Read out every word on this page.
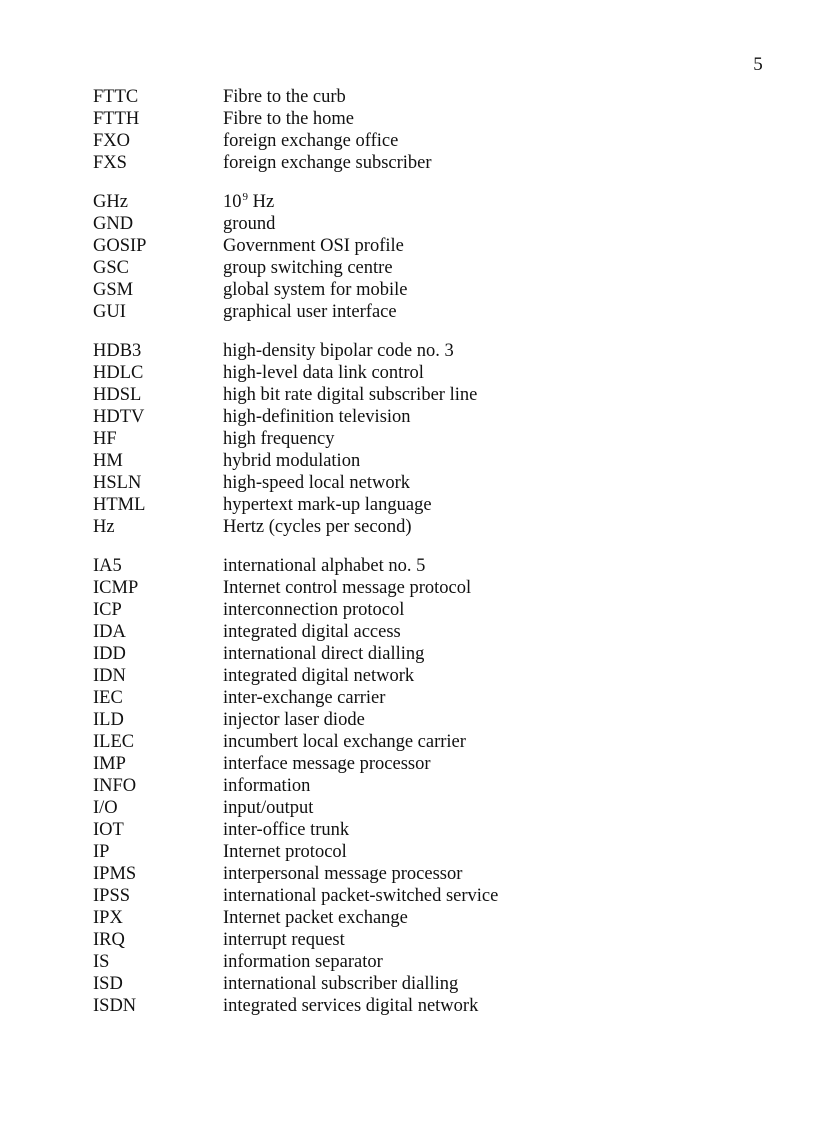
5
FTTC	Fibre to the curb
FTTH	Fibre to the home
FXO	foreign exchange office
FXS	foreign exchange subscriber
GHz	$10^9$ Hz
GND	ground
GOSIP	Government OSI profile
GSC	group switching centre
GSM	global system for mobile
GUI	graphical user interface
HDB3	high-density bipolar code no. 3
HDLC	high-level data link control
HDSL	high bit rate digital subscriber line
HDTV	high-definition television
HF	high frequency
HM	hybrid modulation
HSLN	high-speed local network
HTML	hypertext mark-up language
Hz	Hertz (cycles per second)
IA5	international alphabet no. 5
ICMP	Internet control message protocol
ICP	interconnection protocol
IDA	integrated digital access
IDD	international direct dialling
IDN	integrated digital network
IEC	inter-exchange carrier
ILD	injector laser diode
ILEC	incumbert local exchange carrier
IMP	interface message processor
INFO	information
I/O	input/output
IOT	inter-office trunk
IP	Internet protocol
IPMS	interpersonal message processor
IPSS	international packet-switched service
IPX	Internet packet exchange
IRQ	interrupt request
IS	information separator
ISD	international subscriber dialling
ISDN	integrated services digital network
